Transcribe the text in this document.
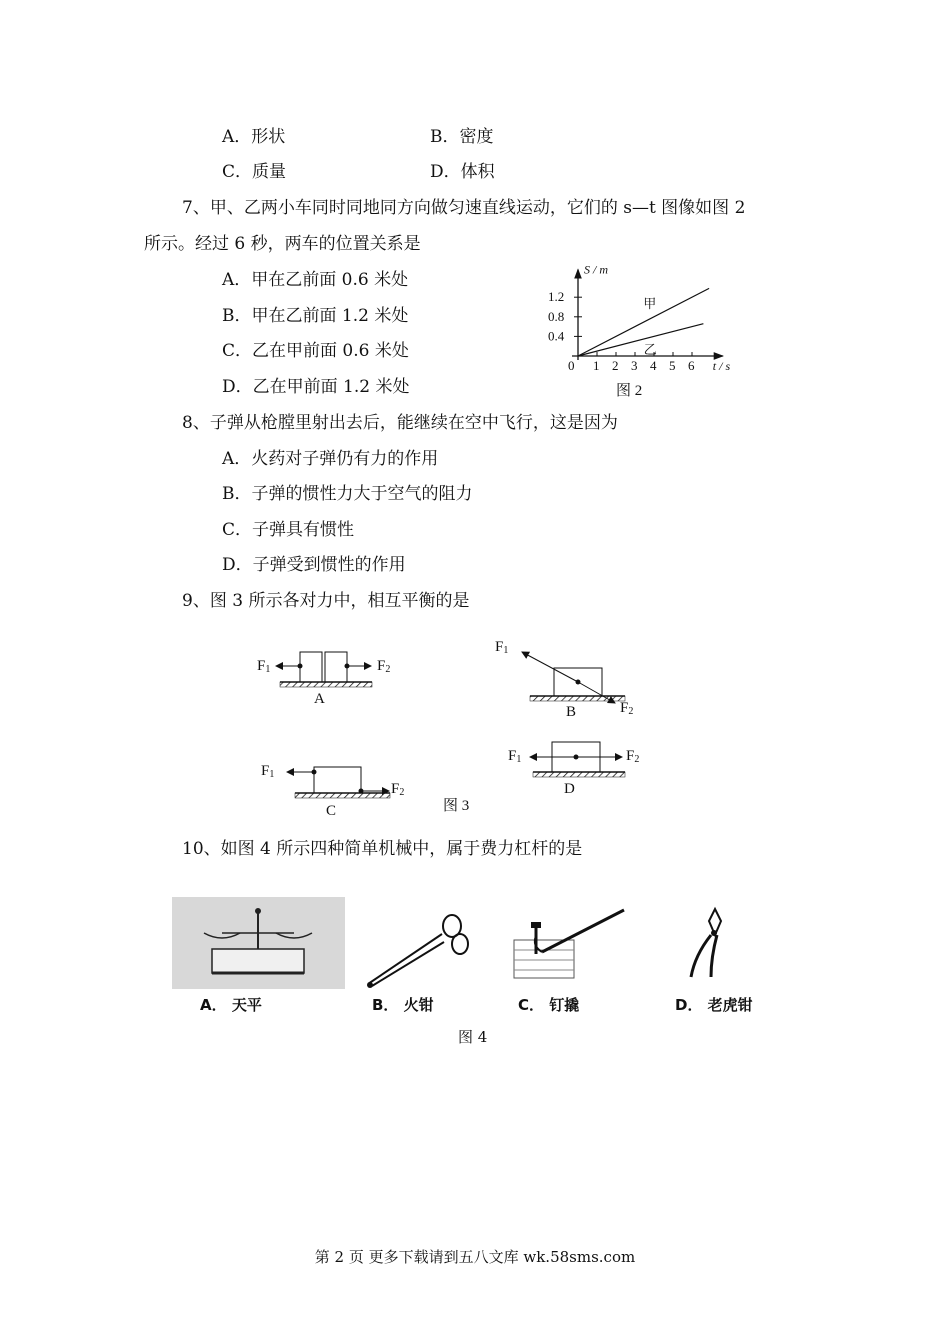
A．形状	B．密度
C．质量	D．体积
7、甲、乙两小车同时同地同方向做匀速直线运动，它们的 s—t 图像如图 2
所示。经过 6 秒，两车的位置关系是
A．甲在乙前面 0.6 米处
B．甲在乙前面 1.2 米处
C．乙在甲前面 0.6 米处
D．乙在甲前面 1.2 米处
S / m
t / s
甲
乙
图 2
0 1 2 3 4 5 6
0.4
0.8
1.2
8、子弹从枪膛里射出去后，能继续在空中飞行，这是因为
A．火药对子弹仍有力的作用
B．子弹的惯性力大于空气的阻力
C．子弹具有惯性
D．子弹受到惯性的作用
9、图 3 所示各对力中，相互平衡的是
F1	F2
A
F1
F2
B
F1
F2
C
F1	F2
D
图 3
10、如图 4 所示四种简单机械中，属于费力杠杆的是
A． 天平	B． 火钳	C． 钉撬	D． 老虎钳
图 4
第 2 页 更多下载请到五八文库 wk.58sms.com
